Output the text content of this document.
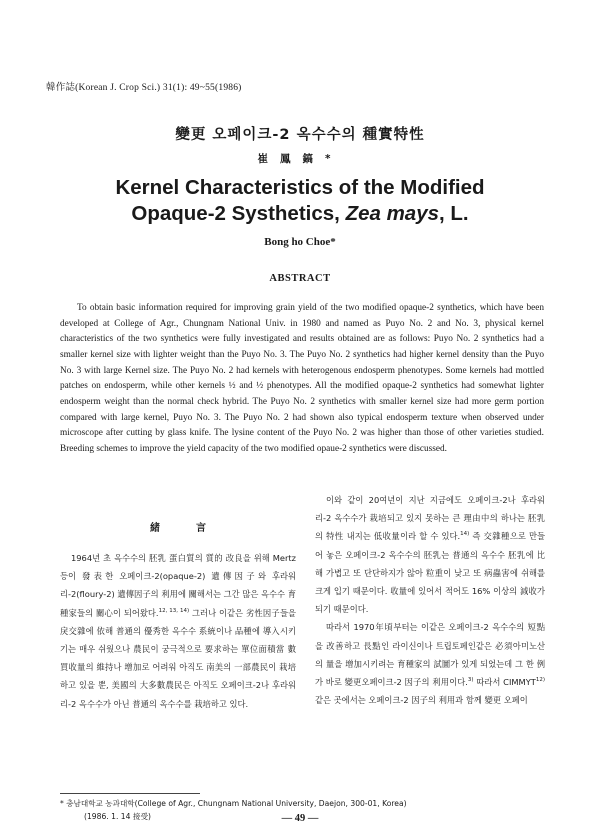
韓作誌(Korean J. Crop Sci.) 31(1): 49~55(1986)
變更 오페이크-2 옥수수의 種實特性
崔鳳鎬*
Kernel Characteristics of the Modified
Opaque-2 Systhetics, Zea mays, L.
Bong ho Choe*
ABSTRACT
To obtain basic information required for improving grain yield of the two modified opaque-2 synthetics, which have been developed at College of Agr., Chungnam National Univ. in 1980 and named as Puyo No. 2 and No. 3, physical kernel characteristics of the two synthetics were fully investigated and results obtained are as follows: Puyo No. 2 synthetics had a smaller kernel size with lighter weight than the Puyo No. 3. The Puyo No. 2 synthetics had higher kernel density than the Puyo No. 3 with large Kernel size. The Puyo No. 2 had kernels with heterogenous endosperm phenotypes. Some kernels had mottled patches on endosperm, while other kernels ½ and ½ phenotypes. All the modified opaque-2 synthetics had somewhat lighter endosperm weight than the normal check hybrid. The Puyo No. 2 synthetics with smaller kernel size had more germ portion compared with large kernel, Puyo No. 3. The Puyo No. 2 had shown also typical endosperm texture when observed under microscope after cutting by glass knife. The lysine content of the Puyo No. 2 was higher than those of other varieties studied. Breeding schemes to improve the yield capacity of the two modified opaue-2 synthetics were discussed.

이와 같이 20여년이 지난 지금에도 오페이크-2나 후라워리-2 옥수수가 栽培되고 있지 못하는 큰 理由中의 하나는 胚乳의 特性 내지는 低收量이라 할 수 있다.$^{14)}$ 즉 交雜種으로 만들어 놓은 오페이크-2 옥수수의 胚乳는 普通의 옥수수 胚乳에 比해 가볍고 또 단단하지가 않아 粒重이 낮고 또 病蟲害에 쉬해를 크게 입기 때문이다. 收量에 있어서 적어도 16% 이상의 減收가 되기 때문이다.

따라서 1970年頃부터는 이같은 오페이크-2 옥수수의 短點을 改善하고 長點인 라이신이나 트립토페인같은 必須아미노산의 量을 增加시키려는 育種家의 試圖가 있게 되었는데 그 한 例가 바로 變更오페이크-2 因子의 利用이다.$^{3)}$ 따라서 CIMMYT$^{12)}$ 같은 곳에서는 오페이크-2 因子의 利用과 함께 變更 오페이

緒言

1964년 초 옥수수의 胚乳 蛋白質의 質的 改良을 위해 Mertz 등이 發表한 오페이크-2(opaque-2) 遺傳因子와 후라워리-2(floury-2) 遺傳因子의 利用에 關해서는 그간 많은 옥수수 育種家들의 關心이 되어왔다.$^{12, 13, 14)}$ 그러나 이같은 劣性因子들을 戾交雜에 依해 普通의 優秀한 옥수수 系統이나 品種에 導入시키기는 매우 쉬웠으나 農民이 궁극적으로 要求하는 單位面積當 數買收量의 維持나 增加로 어려워 아직도 南美의 一部農民이 栽培하고 있을 뿐, 美國의 大多數農民은 아직도 오페이크-2나 후라워리-2 옥수수가 아닌 普通의 옥수수를 栽培하고 있다.

* 충남대학교 농과대학(College of Agr., Chungnam National University, Daejon, 300-01, Korea)
(1986. 1. 14 接受)	— 49 —
